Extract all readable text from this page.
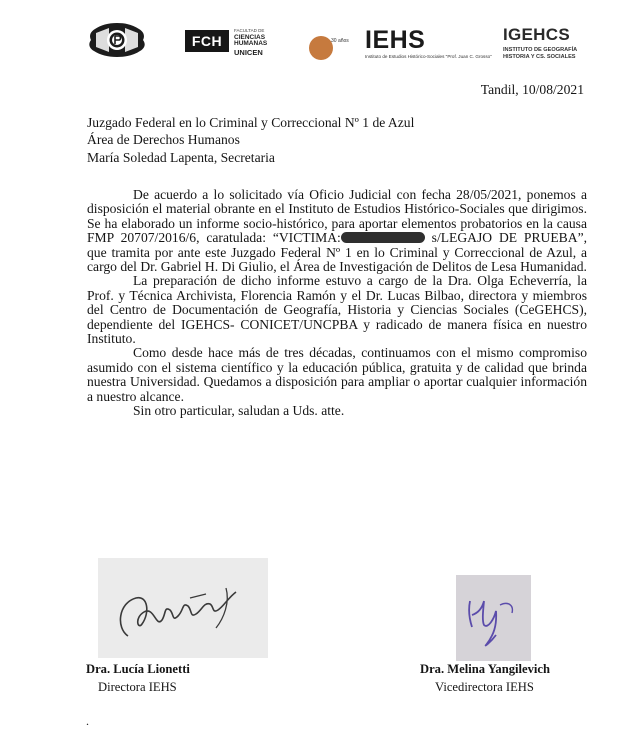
FCH
FACULTAD DE
CIENCIAS HUMANAS
UNICEN
30 años IEHS
Instituto de Estudios Histórico-Sociales "Prof. Juan C. Grosso"
IGEHCS
INSTITUTO DE GEOGRAFÍA
HISTORIA Y CS. SOCIALES
Tandil, 10/08/2021
Juzgado Federal en lo Criminal y Correccional Nº 1 de Azul
Área de Derechos Humanos
María Soledad Lapenta, Secretaria

De acuerdo a lo solicitado vía Oficio Judicial con fecha 28/05/2021, ponemos a disposición el material obrante en el Instituto de Estudios Histórico-Sociales que dirigimos. Se ha elaborado un informe socio-histórico, para aportar elementos probatorios en la causa FMP 20707/2016/6, caratulada: “VICTIMA:	s/LEGAJO DE PRUEBA”, que tramita por ante este Juzgado Federal Nº 1 en lo Criminal y Correccional de Azul, a cargo del Dr. Gabriel H. Di Giulio, el Área de Investigación de Delitos de Lesa Humanidad.

La preparación de dicho informe estuvo a cargo de la Dra. Olga Echeverría, la Prof. y Técnica Archivista, Florencia Ramón y el Dr. Lucas Bilbao, directora y miembros del Centro de Documentación de Geografía, Historia y Ciencias Sociales (CeGEHCS), dependiente del IGEHCS- CONICET/UNCPBA y radicado de manera física en nuestro Instituto.

Como desde hace más de tres décadas, continuamos con el mismo compromiso asumido con el sistema científico y la educación pública, gratuita y de calidad que brinda nuestra Universidad. Quedamos a disposición para ampliar o aportar cualquier información a nuestro alcance.

Sin otro particular, saludan a Uds. atte.

Dra. Lucía Lionetti
Directora IEHS
Dra. Melina Yangilevich
Vicedirectora IEHS
.
